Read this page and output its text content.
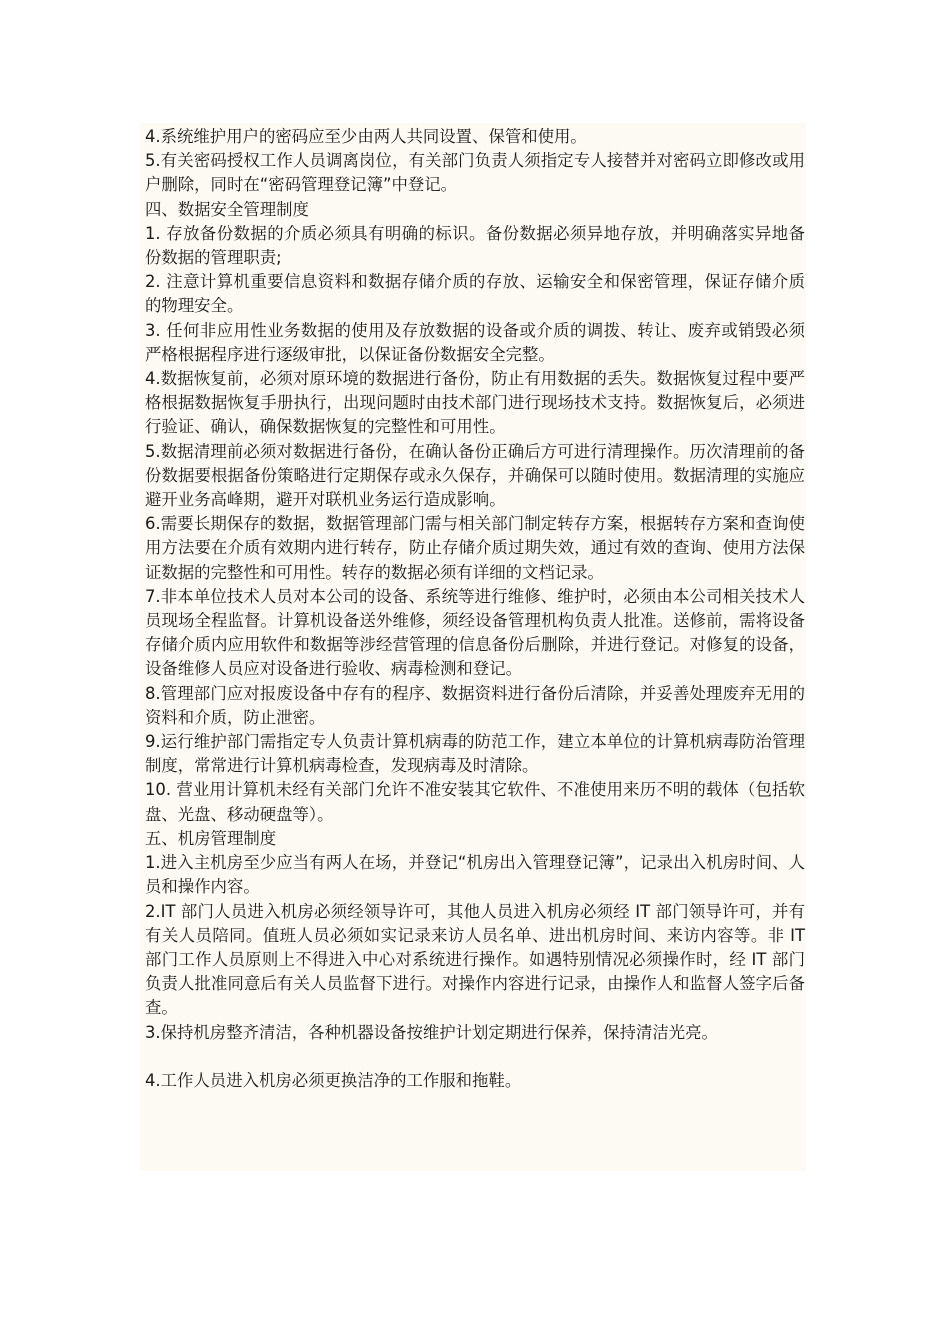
4.系统维护用户的密码应至少由两人共同设置、保管和使用。

5.有关密码授权工作人员调离岗位，有关部门负责人须指定专人接替并对密码立即修改或用户删除，同时在“密码管理登记簿”中登记。

四、数据安全管理制度

1. 存放备份数据的介质必须具有明确的标识。备份数据必须异地存放，并明确落实异地备份数据的管理职责;

2. 注意计算机重要信息资料和数据存储介质的存放、运输安全和保密管理，保证存储介质的物理安全。

3. 任何非应用性业务数据的使用及存放数据的设备或介质的调拨、转让、废弃或销毁必须严格根据程序进行逐级审批，以保证备份数据安全完整。

4.数据恢复前，必须对原环境的数据进行备份，防止有用数据的丢失。数据恢复过程中要严格根据数据恢复手册执行，出现问题时由技术部门进行现场技术支持。数据恢复后，必须进行验证、确认，确保数据恢复的完整性和可用性。

5.数据清理前必须对数据进行备份，在确认备份正确后方可进行清理操作。历次清理前的备份数据要根据备份策略进行定期保存或永久保存，并确保可以随时使用。数据清理的实施应避开业务高峰期，避开对联机业务运行造成影响。

6.需要长期保存的数据，数据管理部门需与相关部门制定转存方案，根据转存方案和查询使用方法要在介质有效期内进行转存，防止存储介质过期失效，通过有效的查询、使用方法保证数据的完整性和可用性。转存的数据必须有详细的文档记录。

7.非本单位技术人员对本公司的设备、系统等进行维修、维护时，必须由本公司相关技术人员现场全程监督。计算机设备送外维修，须经设备管理机构负责人批准。送修前，需将设备存储介质内应用软件和数据等涉经营管理的信息备份后删除，并进行登记。对修复的设备，设备维修人员应对设备进行验收、病毒检测和登记。

8.管理部门应对报废设备中存有的程序、数据资料进行备份后清除，并妥善处理废弃无用的资料和介质，防止泄密。

9.运行维护部门需指定专人负责计算机病毒的防范工作，建立本单位的计算机病毒防治管理制度，常常进行计算机病毒检查，发现病毒及时清除。

10. 营业用计算机未经有关部门允许不准安装其它软件、不准使用来历不明的载体（包括软盘、光盘、移动硬盘等）。

五、机房管理制度

1.进入主机房至少应当有两人在场，并登记“机房出入管理登记簿”，记录出入机房时间、人员和操作内容。

2.IT 部门人员进入机房必须经领导许可，其他人员进入机房必须经 IT 部门领导许可，并有有关人员陪同。值班人员必须如实记录来访人员名单、进出机房时间、来访内容等。非 IT 部门工作人员原则上不得进入中心对系统进行操作。如遇特别情况必须操作时，经 IT 部门负责人批准同意后有关人员监督下进行。对操作内容进行记录，由操作人和监督人签字后备查。

3.保持机房整齐清洁，各种机器设备按维护计划定期进行保养，保持清洁光亮。

4.工作人员进入机房必须更换洁净的工作服和拖鞋。
